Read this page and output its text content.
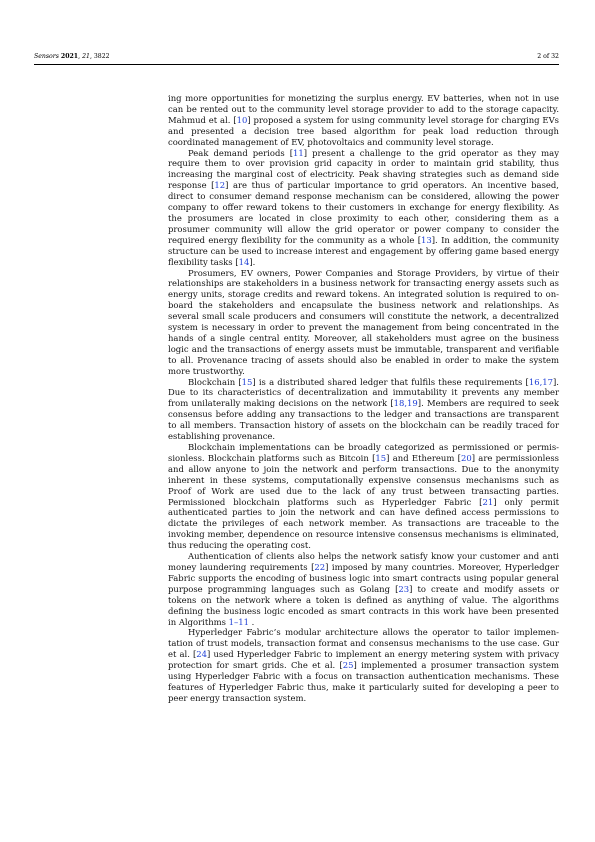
Sensors 2021, 21, 3822	2 of 32

ing more opportunities for monetizing the surplus energy. EV batteries, when not in use can be rented out to the community level storage provider to add to the storage capacity. Mahmud et al. [10] proposed a system for using community level storage for charging EVs and presented a decision tree based algorithm for peak load reduction through coordinated management of EV, photovoltaics and community level storage.

Peak demand periods [11] present a challenge to the grid operator as they may require them to over provision grid capacity in order to maintain grid stability, thus increasing the marginal cost of electricity. Peak shaving strategies such as demand side response [12] are thus of particular importance to grid operators. An incentive based, direct to consumer demand response mechanism can be considered, allowing the power company to offer reward tokens to their customers in exchange for energy flexibility. As the prosumers are located in close proximity to each other, considering them as a prosumer community will allow the grid operator or power company to consider the required energy flexibility for the community as a whole [13]. In addition, the community structure can be used to increase interest and engagement by offering game based energy flexibility tasks [14].

Prosumers, EV owners, Power Companies and Storage Providers, by virtue of their relationships are stakeholders in a business network for transacting energy assets such as energy units, storage credits and reward tokens. An integrated solution is required to on-board the stakeholders and encapsulate the business network and relationships. As several small scale producers and consumers will constitute the network, a decentralized system is necessary in order to prevent the management from being concentrated in the hands of a single central entity. Moreover, all stakeholders must agree on the business logic and the transactions of energy assets must be immutable, transparent and verifiable to all. Provenance tracing of assets should also be enabled in order to make the system more trustworthy.

Blockchain [15] is a distributed shared ledger that fulfils these requirements [16,17]. Due to its characteristics of decentralization and immutability it prevents any member from unilaterally making decisions on the network [18,19]. Members are required to seek consensus before adding any transactions to the ledger and transactions are transparent to all members. Transaction history of assets on the blockchain can be readily traced for establishing provenance.

Blockchain implementations can be broadly categorized as permissioned or permis-sionless. Blockchain platforms such as Bitcoin [15] and Ethereum [20] are permissionless and allow anyone to join the network and perform transactions. Due to the anonymity inherent in these systems, computationally expensive consensus mechanisms such as Proof of Work are used due to the lack of any trust between transacting parties. Permissioned blockchain platforms such as Hyperledger Fabric [21] only permit authenticated parties to join the network and can have defined access permissions to dictate the privileges of each network member. As transactions are traceable to the invoking member, dependence on resource intensive consensus mechanisms is eliminated, thus reducing the operating cost.

Authentication of clients also helps the network satisfy know your customer and anti money laundering requirements [22] imposed by many countries. Moreover, Hyperledger Fabric supports the encoding of business logic into smart contracts using popular general purpose programming languages such as Golang [23] to create and modify assets or tokens on the network where a token is defined as anything of value. The algorithms defining the business logic encoded as smart contracts in this work have been presented in Algorithms 1–11 .

Hyperledger Fabric’s modular architecture allows the operator to tailor implemen-tation of trust models, transaction format and consensus mechanisms to the use case. Gur et al. [24] used Hyperledger Fabric to implement an energy metering system with privacy protection for smart grids. Che et al. [25] implemented a prosumer transaction system using Hyperledger Fabric with a focus on transaction authentication mechanisms. These features of Hyperledger Fabric thus, make it particularly suited for developing a peer to peer energy transaction system.
